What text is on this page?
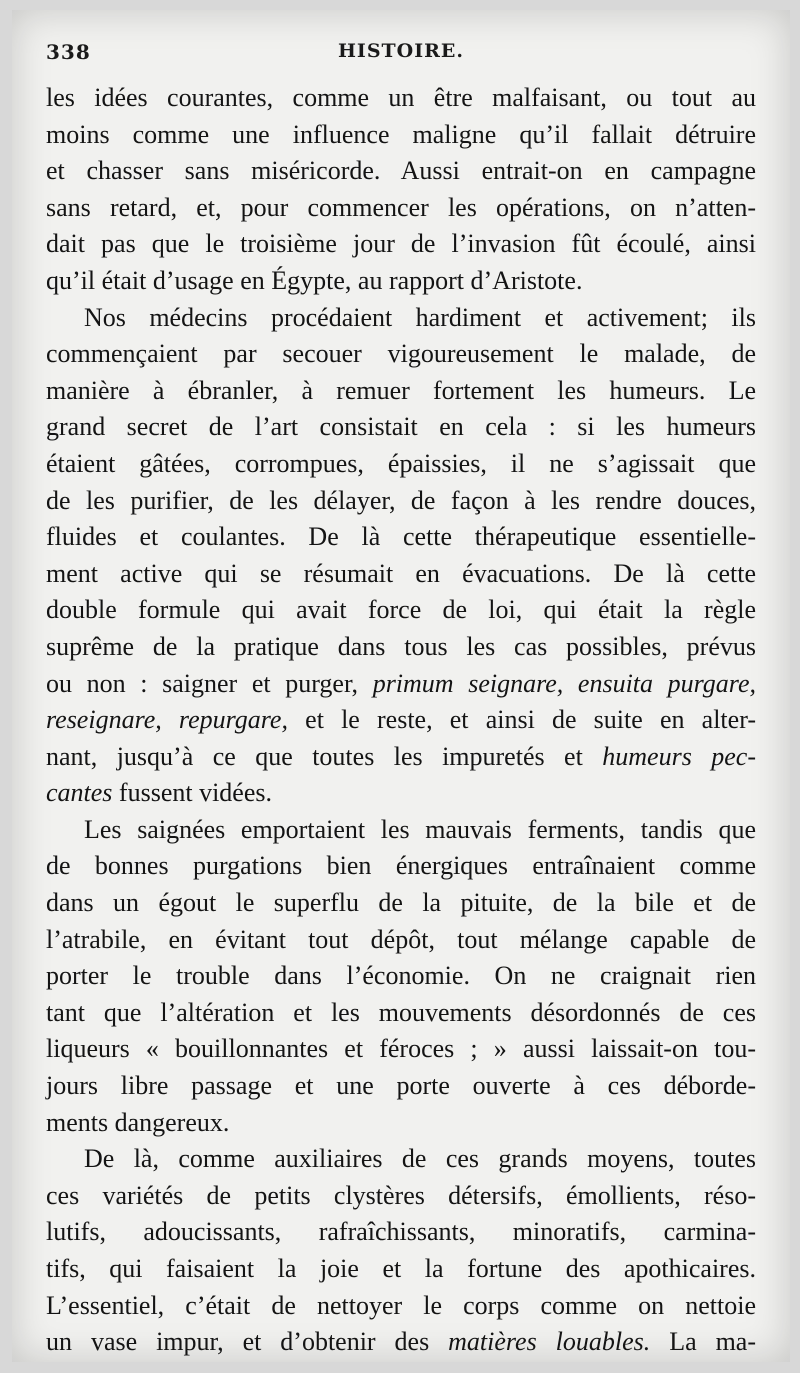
338	HISTOIRE.
les idées courantes, comme un être malfaisant, ou tout au
moins comme une influence maligne qu’il fallait détruire
et chasser sans miséricorde. Aussi entrait-on en campagne
sans retard, et, pour commencer les opérations, on n’atten-
dait pas que le troisième jour de l’invasion fût écoulé, ainsi
qu’il était d’usage en Égypte, au rapport d’Aristote.
Nos médecins procédaient hardiment et activement; ils
commençaient par secouer vigoureusement le malade, de
manière à ébranler, à remuer fortement les humeurs. Le
grand secret de l’art consistait en cela : si les humeurs
étaient gâtées, corrompues, épaissies, il ne s’agissait que
de les purifier, de les délayer, de façon à les rendre douces,
fluides et coulantes. De là cette thérapeutique essentielle-
ment active qui se résumait en évacuations. De là cette
double formule qui avait force de loi, qui était la règle
suprême de la pratique dans tous les cas possibles, prévus
ou non : saigner et purger, primum seignare, ensuita purgare,
reseignare, repurgare, et le reste, et ainsi de suite en alter-
nant, jusqu’à ce que toutes les impuretés et humeurs pec-
cantes fussent vidées.
Les saignées emportaient les mauvais ferments, tandis que
de bonnes purgations bien énergiques entraînaient comme
dans un égout le superflu de la pituite, de la bile et de
l’atrabile, en évitant tout dépôt, tout mélange capable de
porter le trouble dans l’économie. On ne craignait rien
tant que l’altération et les mouvements désordonnés de ces
liqueurs « bouillonnantes et féroces ; » aussi laissait-on tou-
jours libre passage et une porte ouverte à ces déborde-
ments dangereux.
De là, comme auxiliaires de ces grands moyens, toutes
ces variétés de petits clystères détersifs, émollients, réso-
lutifs, adoucissants, rafraîchissants, minoratifs, carmina-
tifs, qui faisaient la joie et la fortune des apothicaires.
L’essentiel, c’était de nettoyer le corps comme on nettoie
un vase impur, et d’obtenir des matières louables. La ma-
